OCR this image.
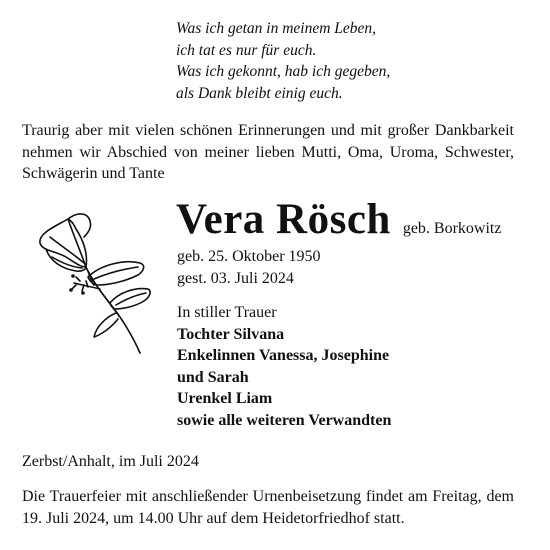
Was ich getan in meinem Leben,
ich tat es nur für euch.
Was ich gekonnt, hab ich gegeben,
als Dank bleibt einig euch.
Traurig aber mit vielen schönen Erinnerungen und mit großer Dankbarkeit nehmen wir Abschied von meiner lieben Mutti, Oma, Uroma, Schwester, Schwägerin und Tante
Vera Rösch geb. Borkowitz
geb. 25. Oktober 1950
gest. 03. Juli 2024
In stiller Trauer
Tochter Silvana
Enkelinnen Vanessa, Josephine
und Sarah
Urenkel Liam
sowie alle weiteren Verwandten
Zerbst/Anhalt, im Juli 2024
Die Trauerfeier mit anschließender Urnenbeisetzung findet am Freitag, dem 19. Juli 2024, um 14.00 Uhr auf dem Heidetorfriedhof statt.
